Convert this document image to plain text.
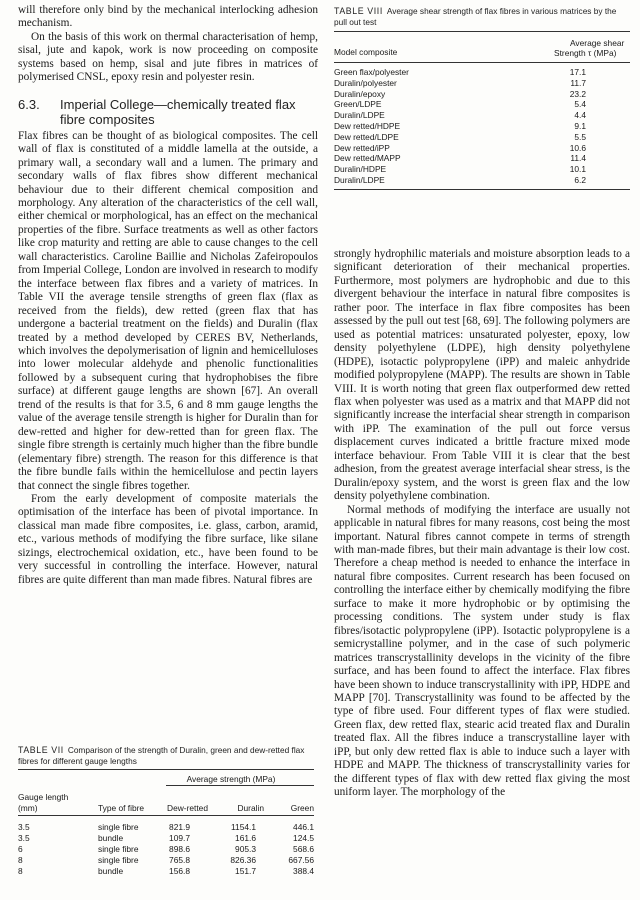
will therefore only bind by the mechanical interlocking adhesion mechanism.

On the basis of this work on thermal characterisation of hemp, sisal, jute and kapok, work is now proceeding on composite systems based on hemp, sisal and jute fibres in matrices of polymerised CNSL, epoxy resin and polyester resin.

6.3. Imperial College—chemically treated flax fibre composites

Flax fibres can be thought of as biological composites. The cell wall of flax is constituted of a middle lamella at the outside, a primary wall, a secondary wall and a lumen. The primary and secondary walls of flax fibres show different mechanical behaviour due to their different chemical composition and morphology. Any alteration of the characteristics of the cell wall, either chemical or morphological, has an effect on the mechanical properties of the fibre. Surface treatments as well as other factors like crop maturity and retting are able to cause changes to the cell wall characteristics. Caroline Baillie and Nicholas Zafeiropoulos from Imperial College, London are involved in research to modify the interface between flax fibres and a variety of matrices. In Table VII the average tensile strengths of green flax (flax as received from the fields), dew retted (green flax that has undergone a bacterial treatment on the fields) and Duralin (flax treated by a method developed by CERES BV, Netherlands, which involves the depolymerisation of lignin and hemicelluloses into lower molecular aldehyde and phenolic functionalities followed by a subsequent curing that hydrophobises the fibre surface) at different gauge lengths are shown [67]. An overall trend of the results is that for 3.5, 6 and 8 mm gauge lengths the value of the average tensile strength is higher for Duralin than for dew-retted and higher for dew-retted than for green flax. The single fibre strength is certainly much higher than the fibre bundle (elementary fibre) strength. The reason for this difference is that the fibre bundle fails within the hemicellulose and pectin layers that connect the single fibres together.

From the early development of composite materials the optimisation of the interface has been of pivotal importance. In classical man made fibre composites, i.e. glass, carbon, aramid, etc., various methods of modifying the fibre surface, like silane sizings, electrochemical oxidation, etc., have been found to be very successful in controlling the interface. However, natural fibres are quite different than man made fibres. Natural fibres are

TABLE VII Comparison of the strength of Duralin, green and dew-retted flax fibres for different gauge lengths
		Average strength (MPa)		

Gauge length (mm)	Type of fibre	Dew-retted	Duralin	Green

3.5	single fibre	821.9	1154.1	446.1
3.5	bundle	109.7	161.6	124.5
6	single fibre	898.6	905.3	568.6
8	single fibre	765.8	826.36	667.56
8	bundle	156.8	151.7	388.4
TABLE VIII Average shear strength of flax fibres in various matrices by the pull out test
Model composite	Average shear
Strength τ (MPa)

Green flax/polyester	17.1
Duralin/polyester	11.7
Duralin/epoxy	23.2
Green/LDPE	5.4
Duralin/LDPE	4.4
Dew retted/HDPE	9.1
Dew retted/LDPE	5.5
Dew retted/iPP	10.6
Dew retted/MAPP	11.4
Duralin/HDPE	10.1
Duralin/LDPE	6.2

strongly hydrophilic materials and moisture absorption leads to a significant deterioration of their mechanical properties. Furthermore, most polymers are hydrophobic and due to this divergent behaviour the interface in natural fibre composites is rather poor. The interface in flax fibre composites has been assessed by the pull out test [68, 69]. The following polymers are used as potential matrices: unsaturated polyester, epoxy, low density polyethylene (LDPE), high density polyethylene (HDPE), isotactic polypropylene (iPP) and maleic anhydride modified polypropylene (MAPP). The results are shown in Table VIII. It is worth noting that green flax outperformed dew retted flax when polyester was used as a matrix and that MAPP did not significantly increase the interfacial shear strength in comparison with iPP. The examination of the pull out force versus displacement curves indicated a brittle fracture mixed mode interface behaviour. From Table VIII it is clear that the best adhesion, from the greatest average interfacial shear stress, is the Duralin/epoxy system, and the worst is green flax and the low density polyethylene combination.

Normal methods of modifying the interface are usually not applicable in natural fibres for many reasons, cost being the most important. Natural fibres cannot compete in terms of strength with man-made fibres, but their main advantage is their low cost. Therefore a cheap method is needed to enhance the interface in natural fibre composites. Current research has been focused on controlling the interface either by chemically modifying the fibre surface to make it more hydrophobic or by optimising the processing conditions. The system under study is flax fibres/isotactic polypropylene (iPP). Isotactic polypropylene is a semicrystalline polymer, and in the case of such polymeric matrices transcrystallinity develops in the vicinity of the fibre surface, and has been found to affect the interface. Flax fibres have been shown to induce transcrystallinity with iPP, HDPE and MAPP [70]. Transcrystallinity was found to be affected by the type of fibre used. Four different types of flax were studied. Green flax, dew retted flax, stearic acid treated flax and Duralin treated flax. All the fibres induce a transcrystalline layer with iPP, but only dew retted flax is able to induce such a layer with HDPE and MAPP. The thickness of transcrystallinity varies for the different types of flax with dew retted flax giving the most uniform layer. The morphology of the
